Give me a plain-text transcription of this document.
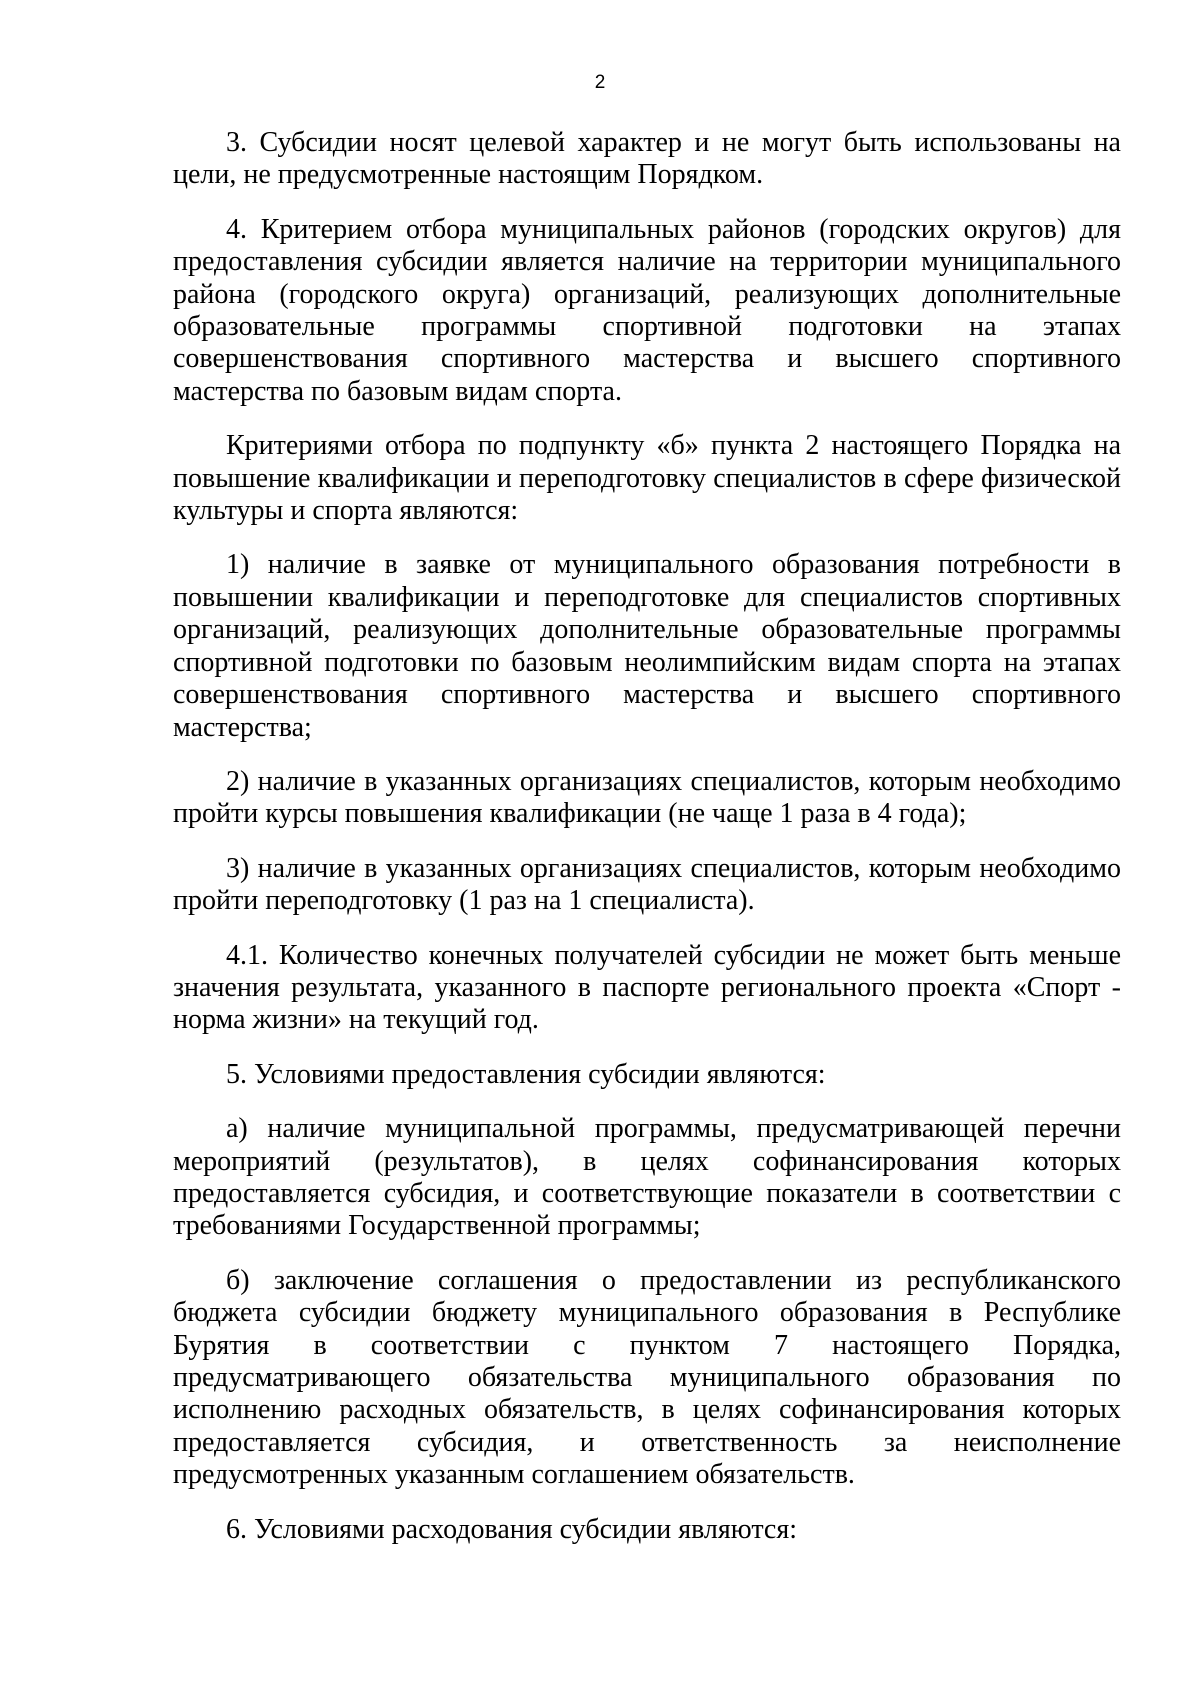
2

3. Субсидии носят целевой характер и не могут быть использованы на цели, не предусмотренные настоящим Порядком.

4. Критерием отбора муниципальных районов (городских округов) для предоставления субсидии является наличие на территории муниципального района (городского округа) организаций, реализующих дополнительные образовательные программы спортивной подготовки на этапах совершенствования спортивного мастерства и высшего спортивного мастерства по базовым видам спорта.

Критериями отбора по подпункту «б» пункта 2 настоящего Порядка на повышение квалификации и переподготовку специалистов в сфере физической культуры и спорта являются:

1) наличие в заявке от муниципального образования потребности в повышении квалификации и переподготовке для специалистов спортивных организаций, реализующих дополнительные образовательные программы спортивной подготовки по базовым неолимпийским видам спорта на этапах совершенствования спортивного мастерства и высшего спортивного мастерства;

2) наличие в указанных организациях специалистов, которым необходимо пройти курсы повышения квалификации (не чаще 1 раза в 4 года);

3) наличие в указанных организациях специалистов, которым необходимо пройти переподготовку (1 раз на 1 специалиста).

4.1. Количество конечных получателей субсидии не может быть меньше значения результата, указанного в паспорте регионального проекта «Спорт - норма жизни» на текущий год.

5. Условиями предоставления субсидии являются:

а) наличие муниципальной программы, предусматривающей перечни мероприятий (результатов), в целях софинансирования которых предоставляется субсидия, и соответствующие показатели в соответствии с требованиями Государственной программы;

б) заключение соглашения о предоставлении из республиканского бюджета субсидии бюджету муниципального образования в Республике Бурятия в соответствии с пунктом 7 настоящего Порядка, предусматривающего обязательства муниципального образования по исполнению расходных обязательств, в целях софинансирования которых предоставляется субсидия, и ответственность за неисполнение предусмотренных указанным соглашением обязательств.

6. Условиями расходования субсидии являются:
